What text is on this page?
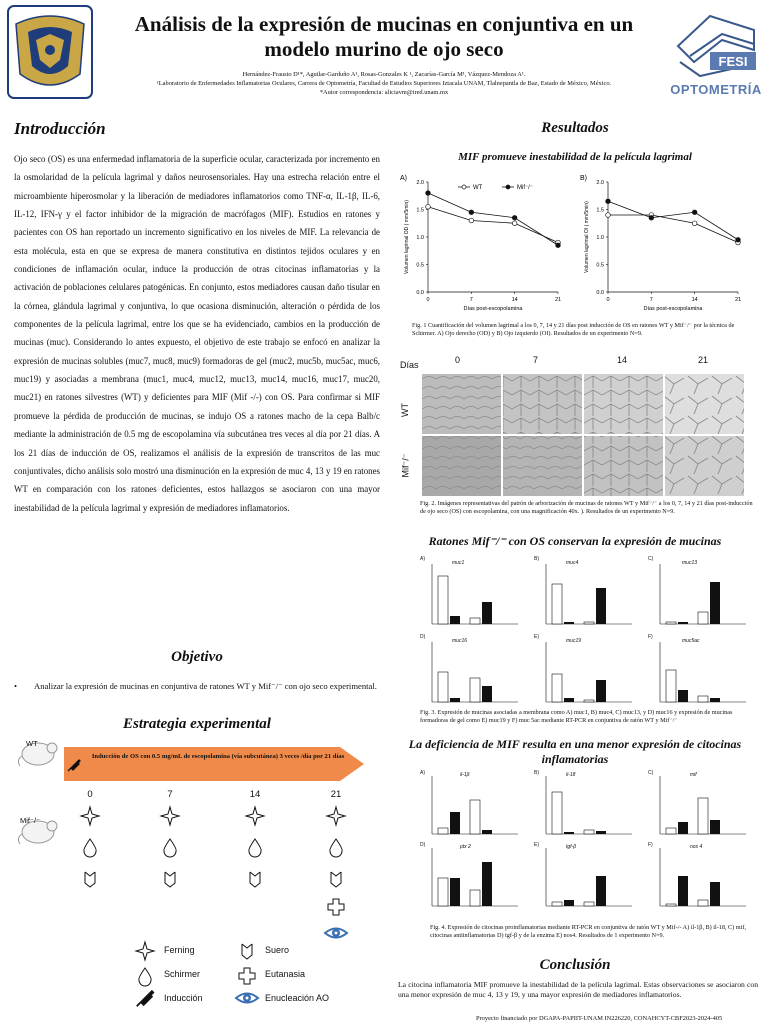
FESI
OPTOMETRÍA
Análisis de la expresión de mucinas en conjuntiva en un modelo murino de ojo seco
Hernández-Frausto D¹*, Aguilar-Garduño A¹, Rosas-Gonzales K ¹, Zacarías-García M¹, Vázquez-Mendoza A¹.
¹Laboratorio de Enfermedades Inflamatorias Oculares, Carrera de Optometría, Facultad de Estudios Superiores Iztacala UNAM, Tlalnepantla de Baz, Estado de México, México.
*Autor correspondencia: aliciavm@ired.unam.mx
Introducción
Ojo seco (OS) es una enfermedad inflamatoria de la superficie ocular, caracterizada por incremento en la osmolaridad de la película lagrimal y daños neurosensoriales. Hay una estrecha relación entre el microambiente hiperosmolar y la liberación de mediadores inflamatorios como TNF-α, IL-1β, IL-6, IL-12, IFN-γ y el factor inhibidor de la migración de macrófagos (MIF). Estudios en ratones y pacientes con OS han reportado un incremento significativo en los niveles de MIF. La relevancia de esta molécula, esta en que se expresa de manera constitutiva en distintos tejidos oculares y en condiciones de inflamación ocular, induce la producción de otras citocinas inflamatorias y la activación de poblaciones celulares patogénicas. En conjunto, estos mediadores causan daño tisular en la córnea, glándula lagrimal y conjuntiva, lo que ocasiona disminución, alteración o pérdida de los componentes de la película lagrimal, entre los que se ha evidenciado, cambios en la producción de mucinas (muc). Considerando lo antes expuesto, el objetivo de este trabajo se enfocó en analizar la expresión de mucinas solubles (muc7, muc8, muc9) formadoras de gel (muc2, muc5b, muc5ac, muc6, muc19) y asociadas a membrana (muc1, muc4, muc12, muc13, muc14, muc16, muc17, muc20, muc21) en ratones silvestres (WT) y deficientes para MIF (Mif -/-) con OS. Para confirmar si MIF promueve la pérdida de producción de mucinas, se indujo OS a ratones macho de la cepa Balb/c mediante la administración de 0.5 mg de escopolamina vía subcutánea tres veces al día por 21 días. A los 21 días de inducción de OS, realizamos el análisis de la expresión de transcritos de las muc conjuntivales, dicho análisis solo mostró una disminución en la expresión de muc 4, 13 y 19 en ratones WT en comparación con los ratones deficientes, estos hallazgos se asociaron con una mayor inestabilidad de la película lagrimal y expresión de mediadores inflamatorios.
Objetivo
• Analizar la expresión de mucinas en conjuntiva de ratones WT y Mif⁻/⁻ con ojo seco experimental.
Estrategia experimental
Inducción de OS con 0.5 mg/mL de escopolamina (vía subcutánea) 3 veces /día por 21 días
WT
Mif⁻/⁻
0	7	14	21
Ferning
Schirmer
Inducción
Suero
Eutanasia
Enucleación AO
Resultados
MIF promueve inestabilidad de la película lagrimal
A)
0.0
0.5
1.0
1.5
2.0
0	7	14	21
Días post-escopolamina
Volumen lagrimal OD ( mm/5min)
WT	Mif⁻/⁻
B)
0.0
0.5
1.0
1.5
2.0
0	7	14	21
Días post-escopolamina
Volumen lagrimal OI ( mm/5min)
Fig. 1 Cuantificación del volumen lagrimal a los 0, 7, 14 y 21 días post inducción de OS en ratones WT y Mif⁻/⁻ por la técnica de Schirmer. A) Ojo derecho (OD) y B) Ojo izquierdo (OI). Resultados de un experimento N=9.
Días	0	7	14	21
WT
Mif⁻/⁻
Fig. 2. Imágenes representativas del patrón de arborización de mucinas de ratones WT y Mif⁻/⁻ a los 0, 7, 14 y 21 días post-inducción de ojo seco (OS) con escopolamina, con una magnificación 40x. ). Resultados de un experimento N=9.
Ratones Mif⁻/⁻ con OS conservan la expresión de mucinas
A)
muc1
B)
muc4
C)
muc13
D)
muc16
E)
muc19
F)
muc5ac
Fig. 3. Expresión de mucinas asociadas a membrana como A) muc1, B) muc4, C) muc13, y D) muc16 y expresión de mucinas formadoras de gel como E) muc19 y F) muc 5ac mediante RT-PCR en conjuntiva de ratón WT y Mif⁻/⁻
La deficiencia de MIF resulta en una menor expresión de citocinas inflamatorias
A)	il-1β	B)	il-18	C)	mif
D)	ptx 2	E)	tgf-β	F)	nos 4
Fig. 4. Expresión de citocinas proinflamatorias mediante RT-PCR en conjuntiva de ratón WT y Mif-/- A) il-1β, B) il-18, C) mif, citocinas antiinflamatorias D) tgf-β y de la enzima E) nos4. Resultados de 1 experimento N=9.
Conclusión
La citocina inflamatoria MIF promueve la inestabilidad de la película lagrimal. Estas observaciones se asociaron con una menor expresión de muc 4, 13 y 19, y una mayor expresión de mediadores inflamatorios.
Proyecto financiado por DGAPA-PAPIIT-UNAM IN226220, CONAHCYT-CBF2023-2024-405
